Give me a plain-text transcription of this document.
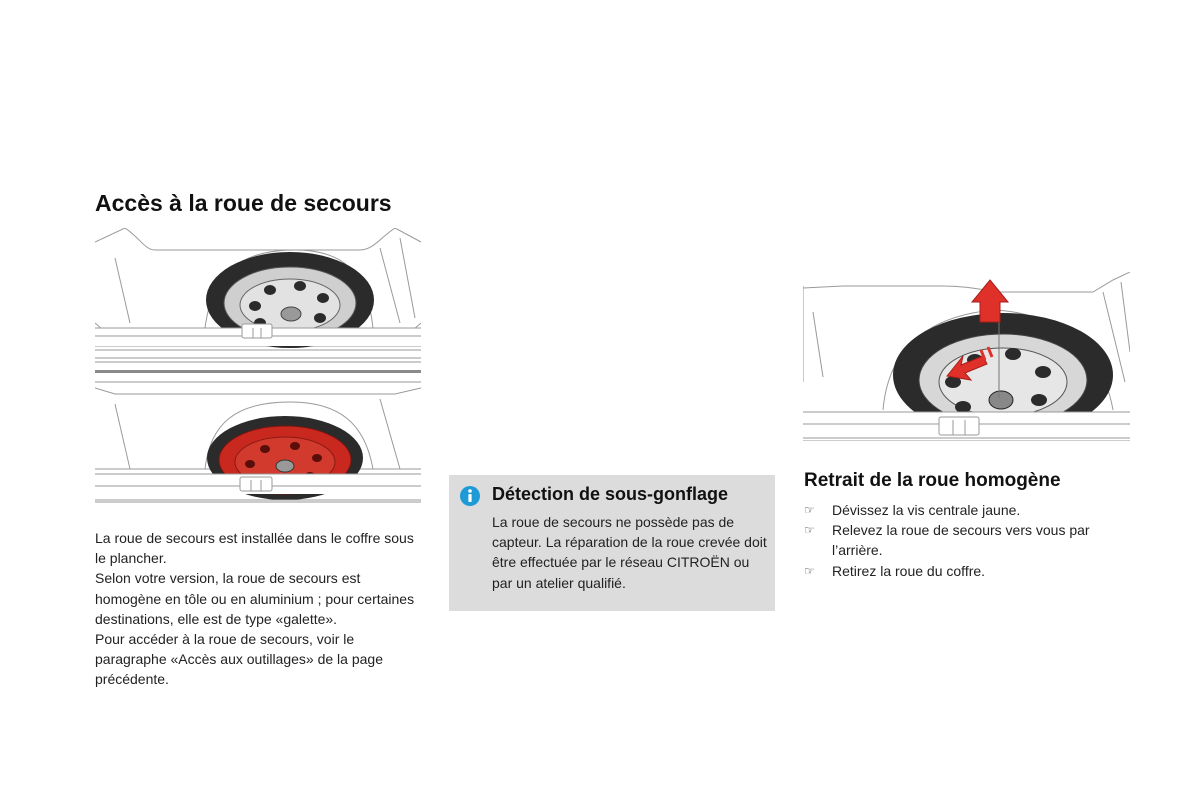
Accès à la roue de secours

La roue de secours est installée dans le coffre sous le plancher.

Selon votre version, la roue de secours est homogène en tôle ou en aluminium ; pour certaines destinations, elle est de type «galette».

Pour accéder à la roue de secours, voir le paragraphe «Accès aux outillages» de la page précédente.

Détection de sous-gonflage

La roue de secours ne possède pas de capteur. La réparation de la roue crevée doit être effectuée par le réseau CITROËN ou par un atelier qualifié.

Retrait de la roue homogène
☞ Dévissez la vis centrale jaune.
☞ Relevez la roue de secours vers vous par l’arrière.
☞ Retirez la roue du coffre.
